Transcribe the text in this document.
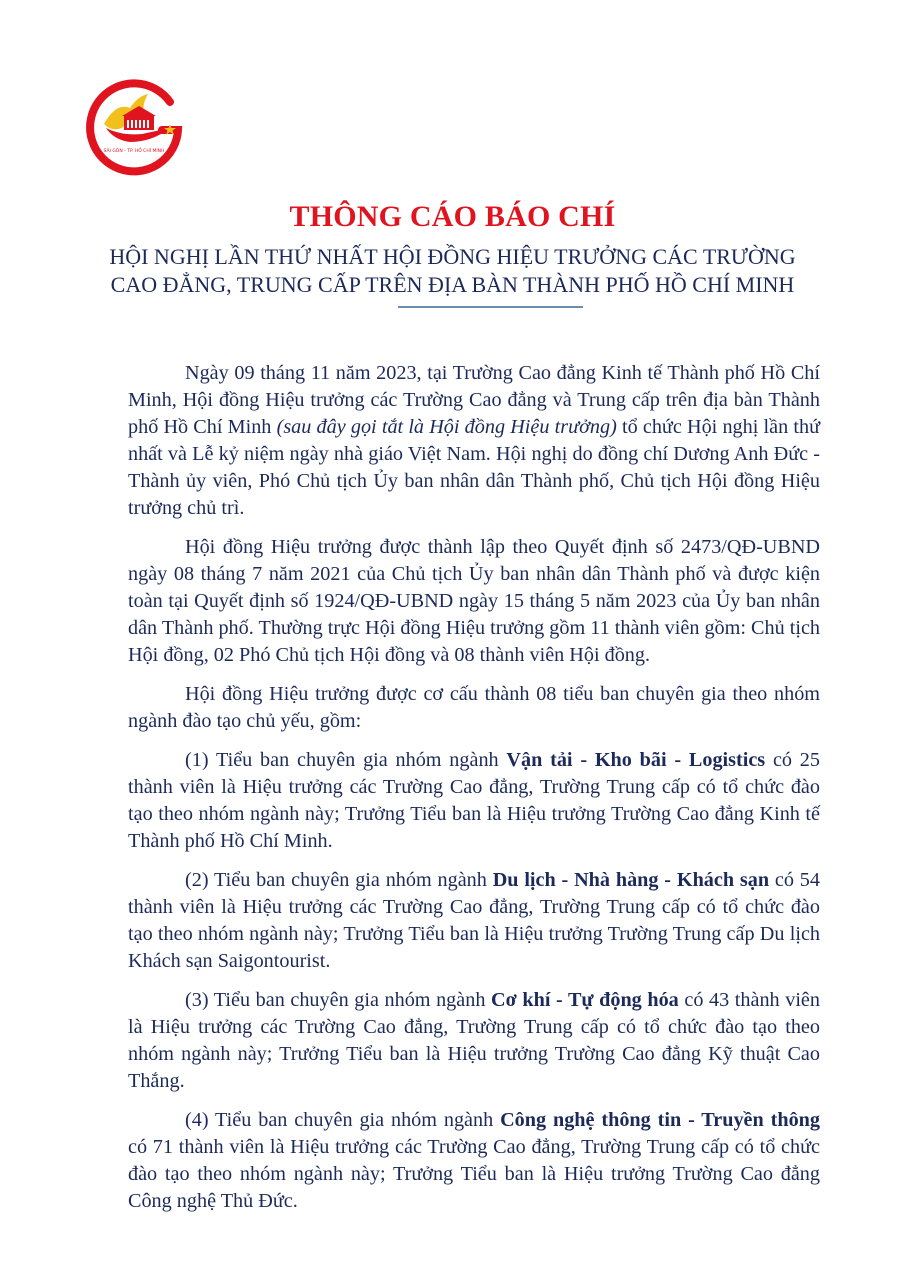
SÀI GÒN - TP. HỒ CHÍ MINH
THÔNG CÁO BÁO CHÍ
HỘI NGHỊ LẦN THỨ NHẤT HỘI ĐỒNG HIỆU TRƯỞNG CÁC TRƯỜNG
CAO ĐẲNG, TRUNG CẤP TRÊN ĐỊA BÀN THÀNH PHỐ HỒ CHÍ MINH

Ngày 09 tháng 11 năm 2023, tại Trường Cao đẳng Kinh tế Thành phố Hồ Chí Minh, Hội đồng Hiệu trưởng các Trường Cao đẳng và Trung cấp trên địa bàn Thành phố Hồ Chí Minh (sau đây gọi tắt là Hội đồng Hiệu trưởng) tổ chức Hội nghị lần thứ nhất và Lễ kỷ niệm ngày nhà giáo Việt Nam. Hội nghị do đồng chí Dương Anh Đức - Thành ủy viên, Phó Chủ tịch Ủy ban nhân dân Thành phố, Chủ tịch Hội đồng Hiệu trưởng chủ trì.

Hội đồng Hiệu trưởng được thành lập theo Quyết định số 2473/QĐ-UBND ngày 08 tháng 7 năm 2021 của Chủ tịch Ủy ban nhân dân Thành phố và được kiện toàn tại Quyết định số 1924/QĐ-UBND ngày 15 tháng 5 năm 2023 của Ủy ban nhân dân Thành phố. Thường trực Hội đồng Hiệu trưởng gồm 11 thành viên gồm: Chủ tịch Hội đồng, 02 Phó Chủ tịch Hội đồng và 08 thành viên Hội đồng.

Hội đồng Hiệu trưởng được cơ cấu thành 08 tiểu ban chuyên gia theo nhóm ngành đào tạo chủ yếu, gồm:

(1) Tiểu ban chuyên gia nhóm ngành Vận tải - Kho bãi - Logistics có 25 thành viên là Hiệu trưởng các Trường Cao đẳng, Trường Trung cấp có tổ chức đào tạo theo nhóm ngành này; Trưởng Tiểu ban là Hiệu trưởng Trường Cao đẳng Kinh tế Thành phố Hồ Chí Minh.

(2) Tiểu ban chuyên gia nhóm ngành Du lịch - Nhà hàng - Khách sạn có 54 thành viên là Hiệu trưởng các Trường Cao đẳng, Trường Trung cấp có tổ chức đào tạo theo nhóm ngành này; Trưởng Tiểu ban là Hiệu trưởng Trường Trung cấp Du lịch Khách sạn Saigontourist.

(3) Tiểu ban chuyên gia nhóm ngành Cơ khí - Tự động hóa có 43 thành viên là Hiệu trưởng các Trường Cao đẳng, Trường Trung cấp có tổ chức đào tạo theo nhóm ngành này; Trưởng Tiểu ban là Hiệu trưởng Trường Cao đẳng Kỹ thuật Cao Thắng.

(4) Tiểu ban chuyên gia nhóm ngành Công nghệ thông tin - Truyền thông có 71 thành viên là Hiệu trưởng các Trường Cao đẳng, Trường Trung cấp có tổ chức đào tạo theo nhóm ngành này; Trưởng Tiểu ban là Hiệu trưởng Trường Cao đẳng Công nghệ Thủ Đức.
